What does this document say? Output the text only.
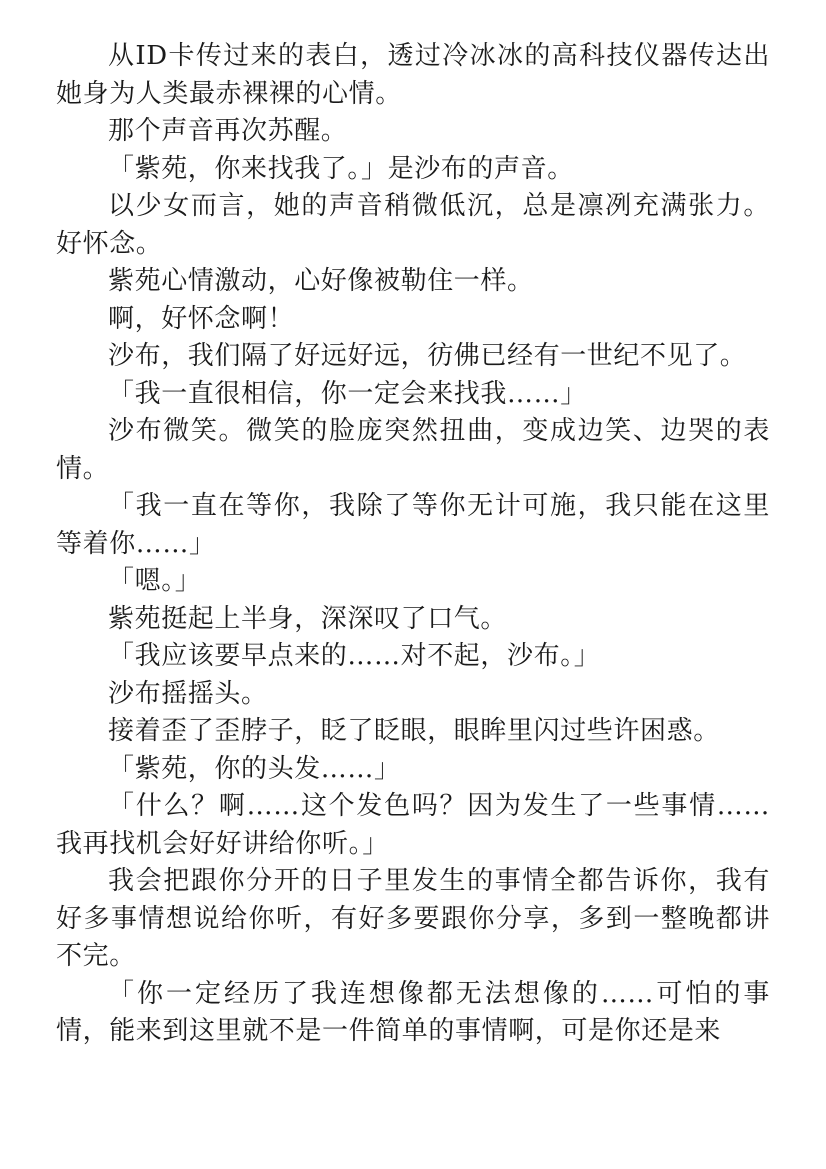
从ID卡传过来的表白，透过冷冰冰的高科技仪器传达出她身为人类最赤裸裸的心情。

那个声音再次苏醒。

「紫苑，你来找我了。」是沙布的声音。

以少女而言，她的声音稍微低沉，总是凛冽充满张力。好怀念。

紫苑心情激动，心好像被勒住一样。

啊，好怀念啊！

沙布，我们隔了好远好远，彷佛已经有一世纪不见了。

「我一直很相信，你一定会来找我……」

沙布微笑。微笑的脸庞突然扭曲，变成边笑、边哭的表情。

「我一直在等你，我除了等你无计可施，我只能在这里等着你……」

「嗯。」

紫苑挺起上半身，深深叹了口气。

「我应该要早点来的……对不起，沙布。」

沙布摇摇头。

接着歪了歪脖子，眨了眨眼，眼眸里闪过些许困惑。

「紫苑，你的头发……」

「什么？啊……这个发色吗？因为发生了一些事情……我再找机会好好讲给你听。」

我会把跟你分开的日子里发生的事情全都告诉你，我有好多事情想说给你听，有好多要跟你分享，多到一整晚都讲不完。

「你一定经历了我连想像都无法想像的……可怕的事情，能来到这里就不是一件简单的事情啊，可是你还是来
